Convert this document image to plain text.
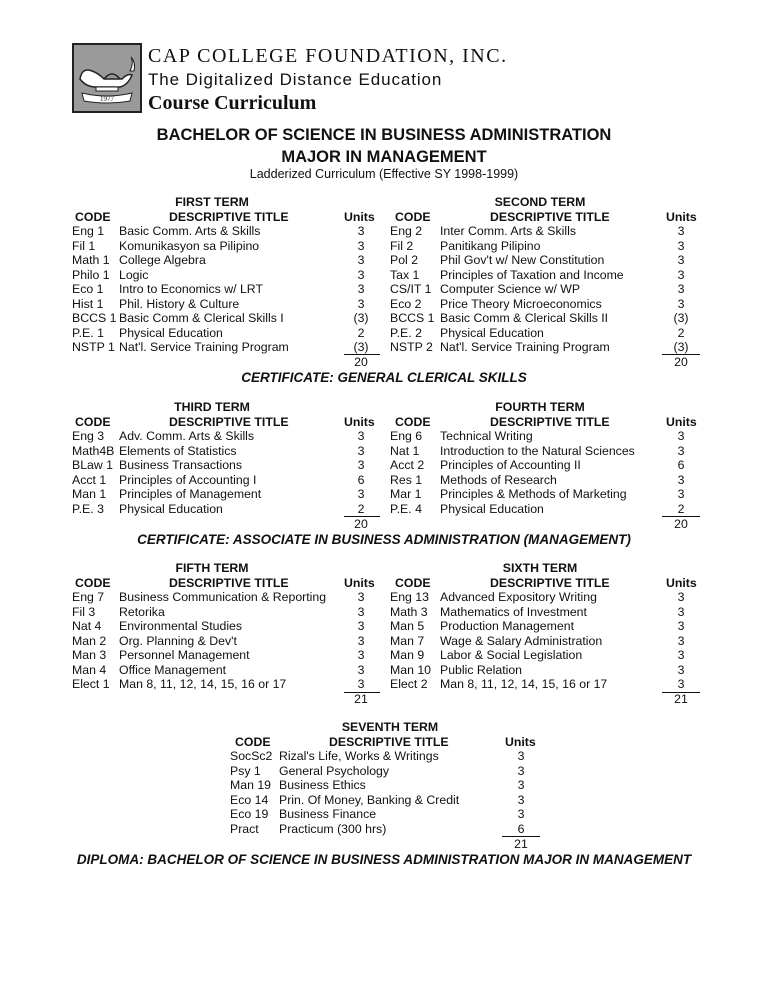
1977
CAP COLLEGE FOUNDATION, INC.
The Digitalized Distance Education
Course Curriculum
BACHELOR OF SCIENCE IN BUSINESS ADMINISTRATION
MAJOR IN MANAGEMENT
Ladderized Curriculum (Effective SY 1998-1999)
FIRST TERM
CODE	DESCRIPTIVE TITLE	Units
Eng 1 Basic Comm. Arts & Skills	3
Fil 1 Komunikasyon sa Pilipino	3
Math 1 College Algebra	3
Philo 1 Logic	3
Eco 1 Intro to Economics w/ LRT	3
Hist 1 Phil. History & Culture	3
BCCS 1 Basic Comm & Clerical Skills I	(3)
P.E. 1 Physical Education	2
NSTP 1 Nat'l. Service Training Program	(3)
20
SECOND TERM
CODE	DESCRIPTIVE TITLE	Units
Eng 2 Inter Comm. Arts & Skills	3
Fil 2 Panitikang Pilipino	3
Pol 2 Phil Gov't w/ New Constitution	3
Tax 1 Principles of Taxation and Income	3
CS/IT 1 Computer Science w/ WP	3
Eco 2 Price Theory Microeconomics	3
BCCS 1 Basic Comm & Clerical Skills II	(3)
P.E. 2 Physical Education	2
NSTP 2 Nat'l. Service Training Program	(3)
20
CERTIFICATE: GENERAL CLERICAL SKILLS
THIRD TERM
CODE	DESCRIPTIVE TITLE	Units
Eng 3 Adv. Comm. Arts & Skills	3
Math4B Elements of Statistics	3
BLaw 1 Business Transactions	3
Acct 1 Principles of Accounting I	6
Man 1 Principles of Management	3
P.E. 3 Physical Education	2
20
FOURTH TERM
CODE	DESCRIPTIVE TITLE	Units
Eng 6 Technical Writing	3
Nat 1 Introduction to the Natural Sciences	3
Acct 2 Principles of Accounting II	6
Res 1 Methods of Research	3
Mar 1 Principles & Methods of Marketing	3
P.E. 4 Physical Education	2
20
CERTIFICATE: ASSOCIATE IN BUSINESS ADMINISTRATION (MANAGEMENT)
FIFTH TERM
CODE	DESCRIPTIVE TITLE	Units
Eng 7 Business Communication & Reporting	3
Fil 3 Retorika	3
Nat 4 Environmental Studies	3
Man 2 Org. Planning & Dev't	3
Man 3 Personnel Management	3
Man 4 Office Management	3
Elect 1 Man 8, 11, 12, 14, 15, 16 or 17	3
21
SIXTH TERM
CODE	DESCRIPTIVE TITLE	Units
Eng 13 Advanced Expository Writing	3
Math 3 Mathematics of Investment	3
Man 5 Production Management	3
Man 7 Wage & Salary Administration	3
Man 9 Labor & Social Legislation	3
Man 10 Public Relation	3
Elect 2 Man 8, 11, 12, 14, 15, 16 or 17	3
21
SEVENTH TERM
CODE	DESCRIPTIVE TITLE	Units
SocSc2 Rizal's Life, Works & Writings	3
Psy 1 General Psychology	3
Man 19 Business Ethics	3
Eco 14 Prin. Of Money, Banking & Credit	3
Eco 19 Business Finance	3
Pract Practicum (300 hrs)	6
21
DIPLOMA: BACHELOR OF SCIENCE IN BUSINESS ADMINISTRATION MAJOR IN MANAGEMENT
